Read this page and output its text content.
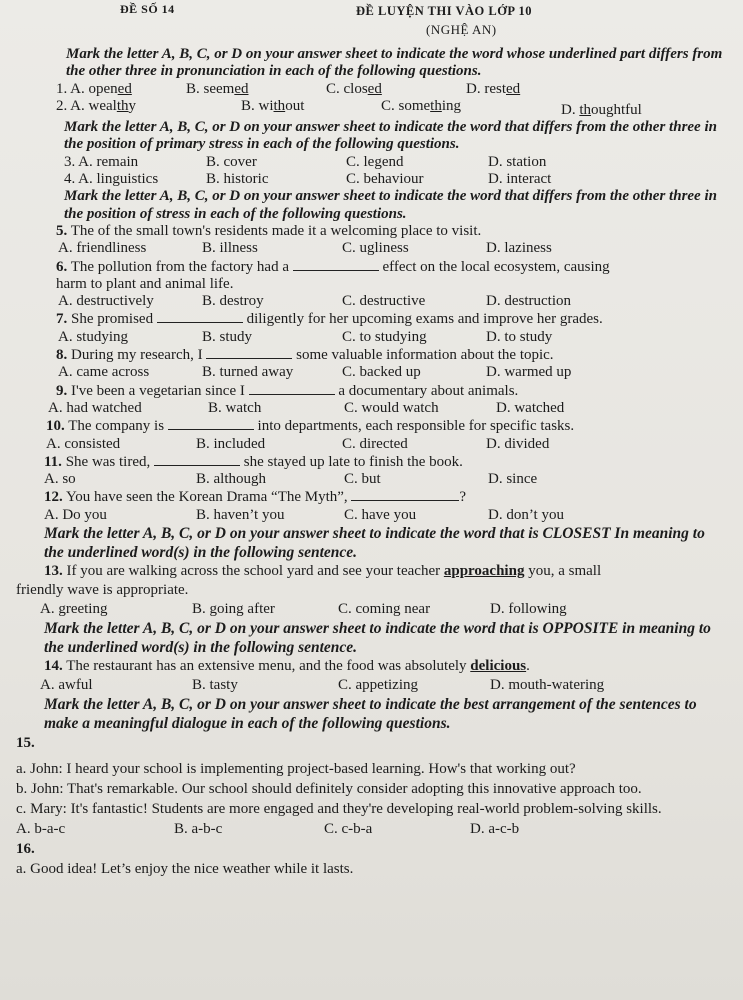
ĐỀ SỐ 14	ĐỀ LUYỆN THI VÀO LỚP 10
(NGHỆ AN)
Mark the letter A, B, C, or D on your answer sheet to indicate the word whose underlined part differs from the other three in pronunciation in each of the following questions.
1. A. opened	B. seemed	C. closed	D. rested
2. A. wealthy	B. without	C. something	D. thoughtful
Mark the letter A, B, C, or D on your answer sheet to indicate the word that differs from the other three in the position of primary stress in each of the following questions.
3. A. remain	B. cover	C. legend	D. station
4. A. linguistics	B. historic	C. behaviour	D. interact
Mark the letter A, B, C, or D on your answer sheet to indicate the word that differs from the other three in the position of stress in each of the following questions.
5. The of the small town's residents made it a welcoming place to visit.
A. friendliness	B. illness	C. ugliness	D. laziness
6. The pollution from the factory had a	effect on the local ecosystem, causing
harm to plant and animal life.
A. destructively	B. destroy	C. destructive	D. destruction
7. She promised	diligently for her upcoming exams and improve her grades.
A. studying	B. study	C. to studying	D. to study
8. During my research, I	some valuable information about the topic.
A. came across	B. turned away	C. backed up	D. warmed up
9. I've been a vegetarian since I	a documentary about animals.
A. had watched	B. watch	C. would watch	D. watched
10. The company is	into departments, each responsible for specific tasks.
A. consisted	B. included	C. directed	D. divided
11. She was tired,	she stayed up late to finish the book.
A. so	B. although	C. but	D. since
12. You have seen the Korean Drama “The Myth”,	?
A. Do you	B. haven’t you	C. have you	D. don’t you
Mark the letter A, B, C, or D on your answer sheet to indicate the word that is CLOSEST In meaning to the underlined word(s) in the following sentence.
13. If you are walking across the school yard and see your teacher approaching you, a small
friendly wave is appropriate.
A. greeting	B. going after	C. coming near	D. following
Mark the letter A, B, C, or D on your answer sheet to indicate the word that is OPPOSITE in meaning to the underlined word(s) in the following sentence.
14. The restaurant has an extensive menu, and the food was absolutely delicious.
A. awful	B. tasty	C. appetizing	D. mouth-watering
Mark the letter A, B, C, or D on your answer sheet to indicate the best arrangement of the sentences to make a meaningful dialogue in each of the following questions.
15.
a. John: I heard your school is implementing project-based learning. How's that working out?
b. John: That's remarkable. Our school should definitely consider adopting this innovative approach too.
c. Mary: It's fantastic! Students are more engaged and they're developing real-world problem-solving skills.
A. b-a-c	B. a-b-c	C. c-b-a	D. a-c-b
16.
a. Good idea! Let’s enjoy the nice weather while it lasts.
